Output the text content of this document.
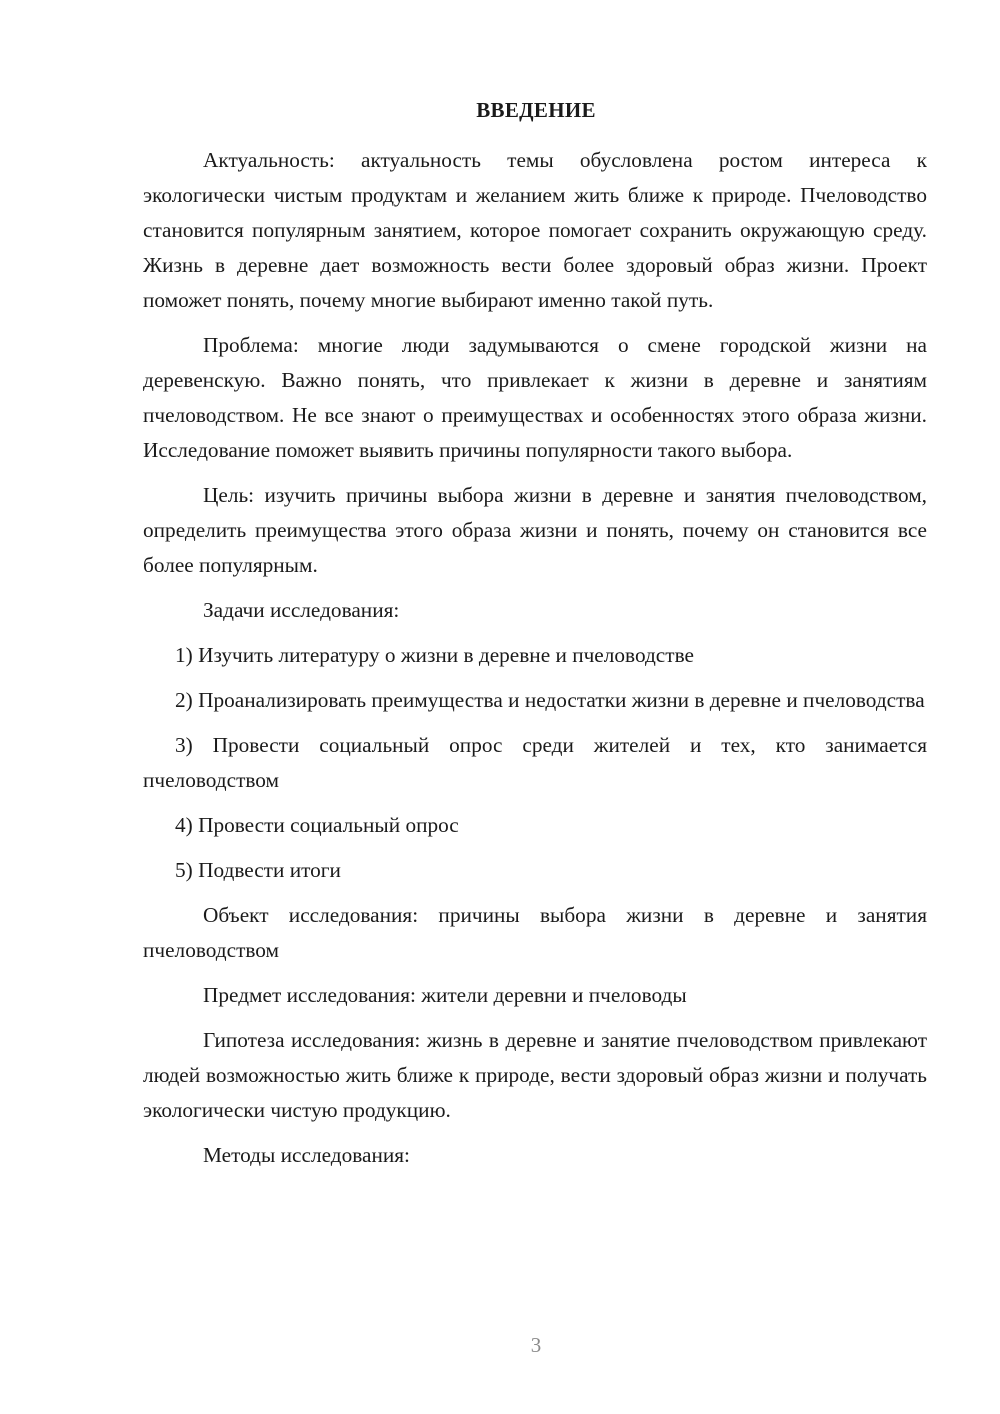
ВВЕДЕНИЕ

Актуальность: актуальность темы обусловлена ростом интереса к экологически чистым продуктам и желанием жить ближе к природе. Пчеловодство становится популярным занятием, которое помогает сохранить окружающую среду. Жизнь в деревне дает возможность вести более здоровый образ жизни. Проект поможет понять, почему многие выбирают именно такой путь.

Проблема: многие люди задумываются о смене городской жизни на деревенскую. Важно понять, что привлекает к жизни в деревне и занятиям пчеловодством. Не все знают о преимуществах и особенностях этого образа жизни. Исследование поможет выявить причины популярности такого выбора.

Цель: изучить причины выбора жизни в деревне и занятия пчеловодством, определить преимущества этого образа жизни и понять, почему он становится все более популярным.

Задачи исследования:

1) Изучить литературу о жизни в деревне и пчеловодстве

2) Проанализировать преимущества и недостатки жизни в деревне и пчеловодства

3) Провести социальный опрос среди жителей и тех, кто занимается пчеловодством

4) Провести социальный опрос

5) Подвести итоги

Объект исследования: причины выбора жизни в деревне и занятия пчеловодством

Предмет исследования: жители деревни и пчеловоды

Гипотеза исследования: жизнь в деревне и занятие пчеловодством привлекают людей возможностью жить ближе к природе, вести здоровый образ жизни и получать экологически чистую продукцию.

Методы исследования:

3
